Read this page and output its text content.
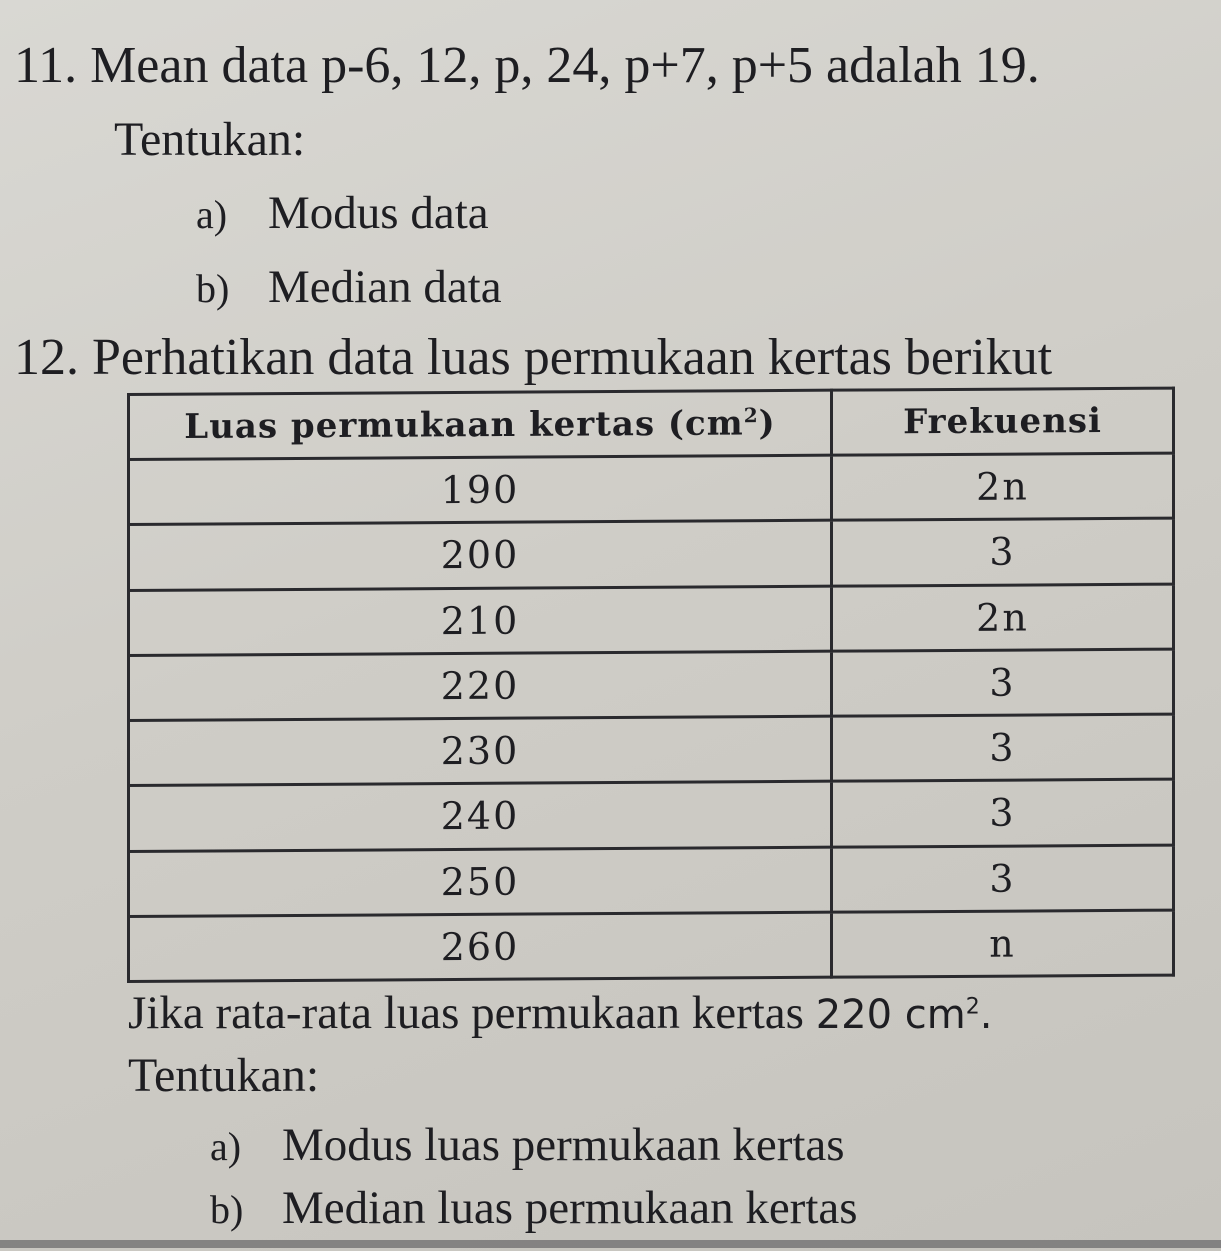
11. Mean data p-6, 12, p, 24, p+7, p+5 adalah 19.
Tentukan:
a) Modus data
b) Median data
12. Perhatikan data luas permukaan kertas berikut
Luas permukaan kertas $(cm^2)$	Frekuensi
190	2n
200	3
210	2n
220	3
230	3
240	3
250	3
260	n
Jika rata-rata luas permukaan kertas 220 $cm^2$.
Tentukan:
a) Modus luas permukaan kertas
b) Median luas permukaan kertas
